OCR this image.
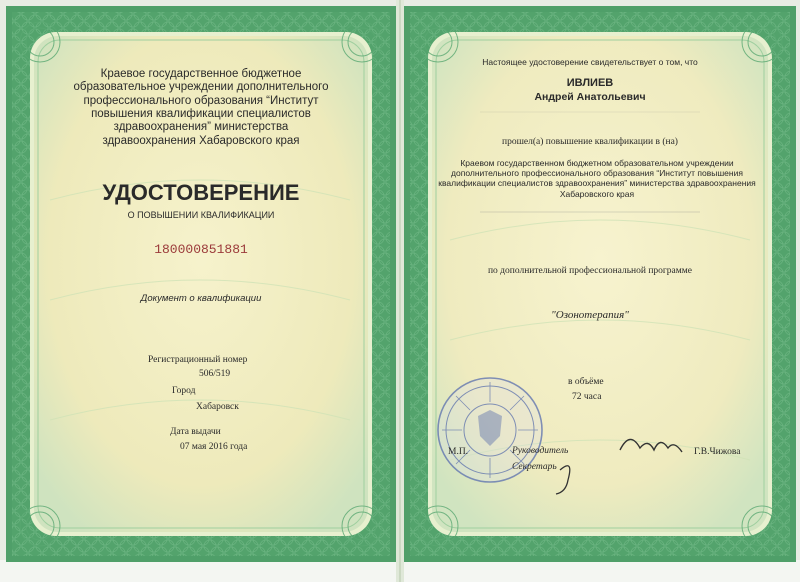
Краевое государственное бюджетное образовательное учреждении дополнительного профессионального образования “Институт повышения квалификации специалистов здравоохранения” министерства здравоохранения Хабаровского края
УДОСТОВЕРЕНИЕ
О ПОВЫШЕНИИ КВАЛИФИКАЦИИ
180000851881
Документ о квалификации
Регистрационный номер
506/519
Город
Хабаровск
Дата выдачи
07 мая 2016 года
Настоящее удостоверение свидетельствует о том, что
ИВЛИЕВ
Андрей Анатольевич
прошел(а) повышение квалификации в (на)
Краевом государственном бюджетном образовательном учреждении дополнительного профессионального образования “Институт повышения квалификации специалистов здравоохранения” министерства здравоохранения Хабаровского края
по дополнительной профессиональной программе
"Озонотерапия"
в объёме
72 часа
М.П.	Руководитель	Г.В.Чижова
Секретарь
